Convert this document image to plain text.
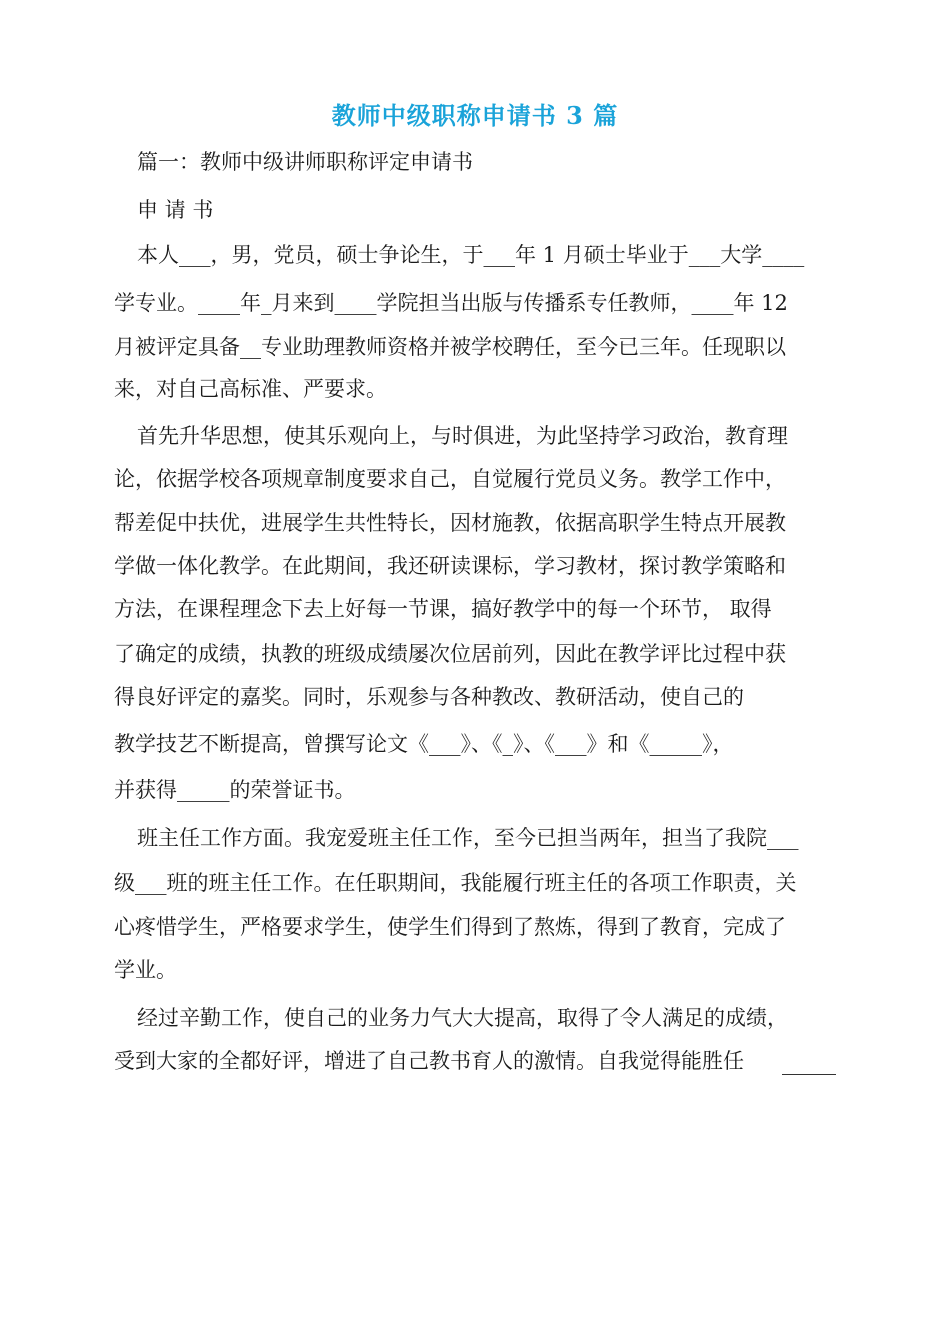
教师中级职称申请书 3 篇
篇一：教师中级讲师职称评定申请书
申 请 书
本人___，男，党员，硕士争论生，于___年 1 月硕士毕业于___大学____
学专业。____年_月来到____学院担当出版与传播系专任教师，____年 12
月被评定具备__专业助理教师资格并被学校聘任，至今已三年。任现职以
来，对自己高标准、严要求。
首先升华思想，使其乐观向上，与时俱进，为此坚持学习政治，教育理
论，依据学校各项规章制度要求自己，自觉履行党员义务。教学工作中，
帮差促中扶优，进展学生共性特长，因材施教，依据高职学生特点开展教
学做一体化教学。在此期间，我还研读课标，学习教材，探讨教学策略和
方法，在课程理念下去上好每一节课，搞好教学中的每一个环节， 取得
了确定的成绩，执教的班级成绩屡次位居前列，因此在教学评比过程中获
得良好评定的嘉奖。同时，乐观参与各种教改、教研活动，使自己的
教学技艺不断提高，曾撰写论文《___》、《_》、《___》和《_____》，
并获得_____的荣誉证书。
班主任工作方面。我宠爱班主任工作，至今已担当两年，担当了我院___
级___班的班主任工作。在任职期间，我能履行班主任的各项工作职责，关
心疼惜学生，严格要求学生，使学生们得到了熬炼，得到了教育，完成了
学业。
经过辛勤工作，使自己的业务力气大大提高，取得了令人满足的成绩，
受到大家的全都好评，增进了自己教书育人的激情。自我觉得能胜任
